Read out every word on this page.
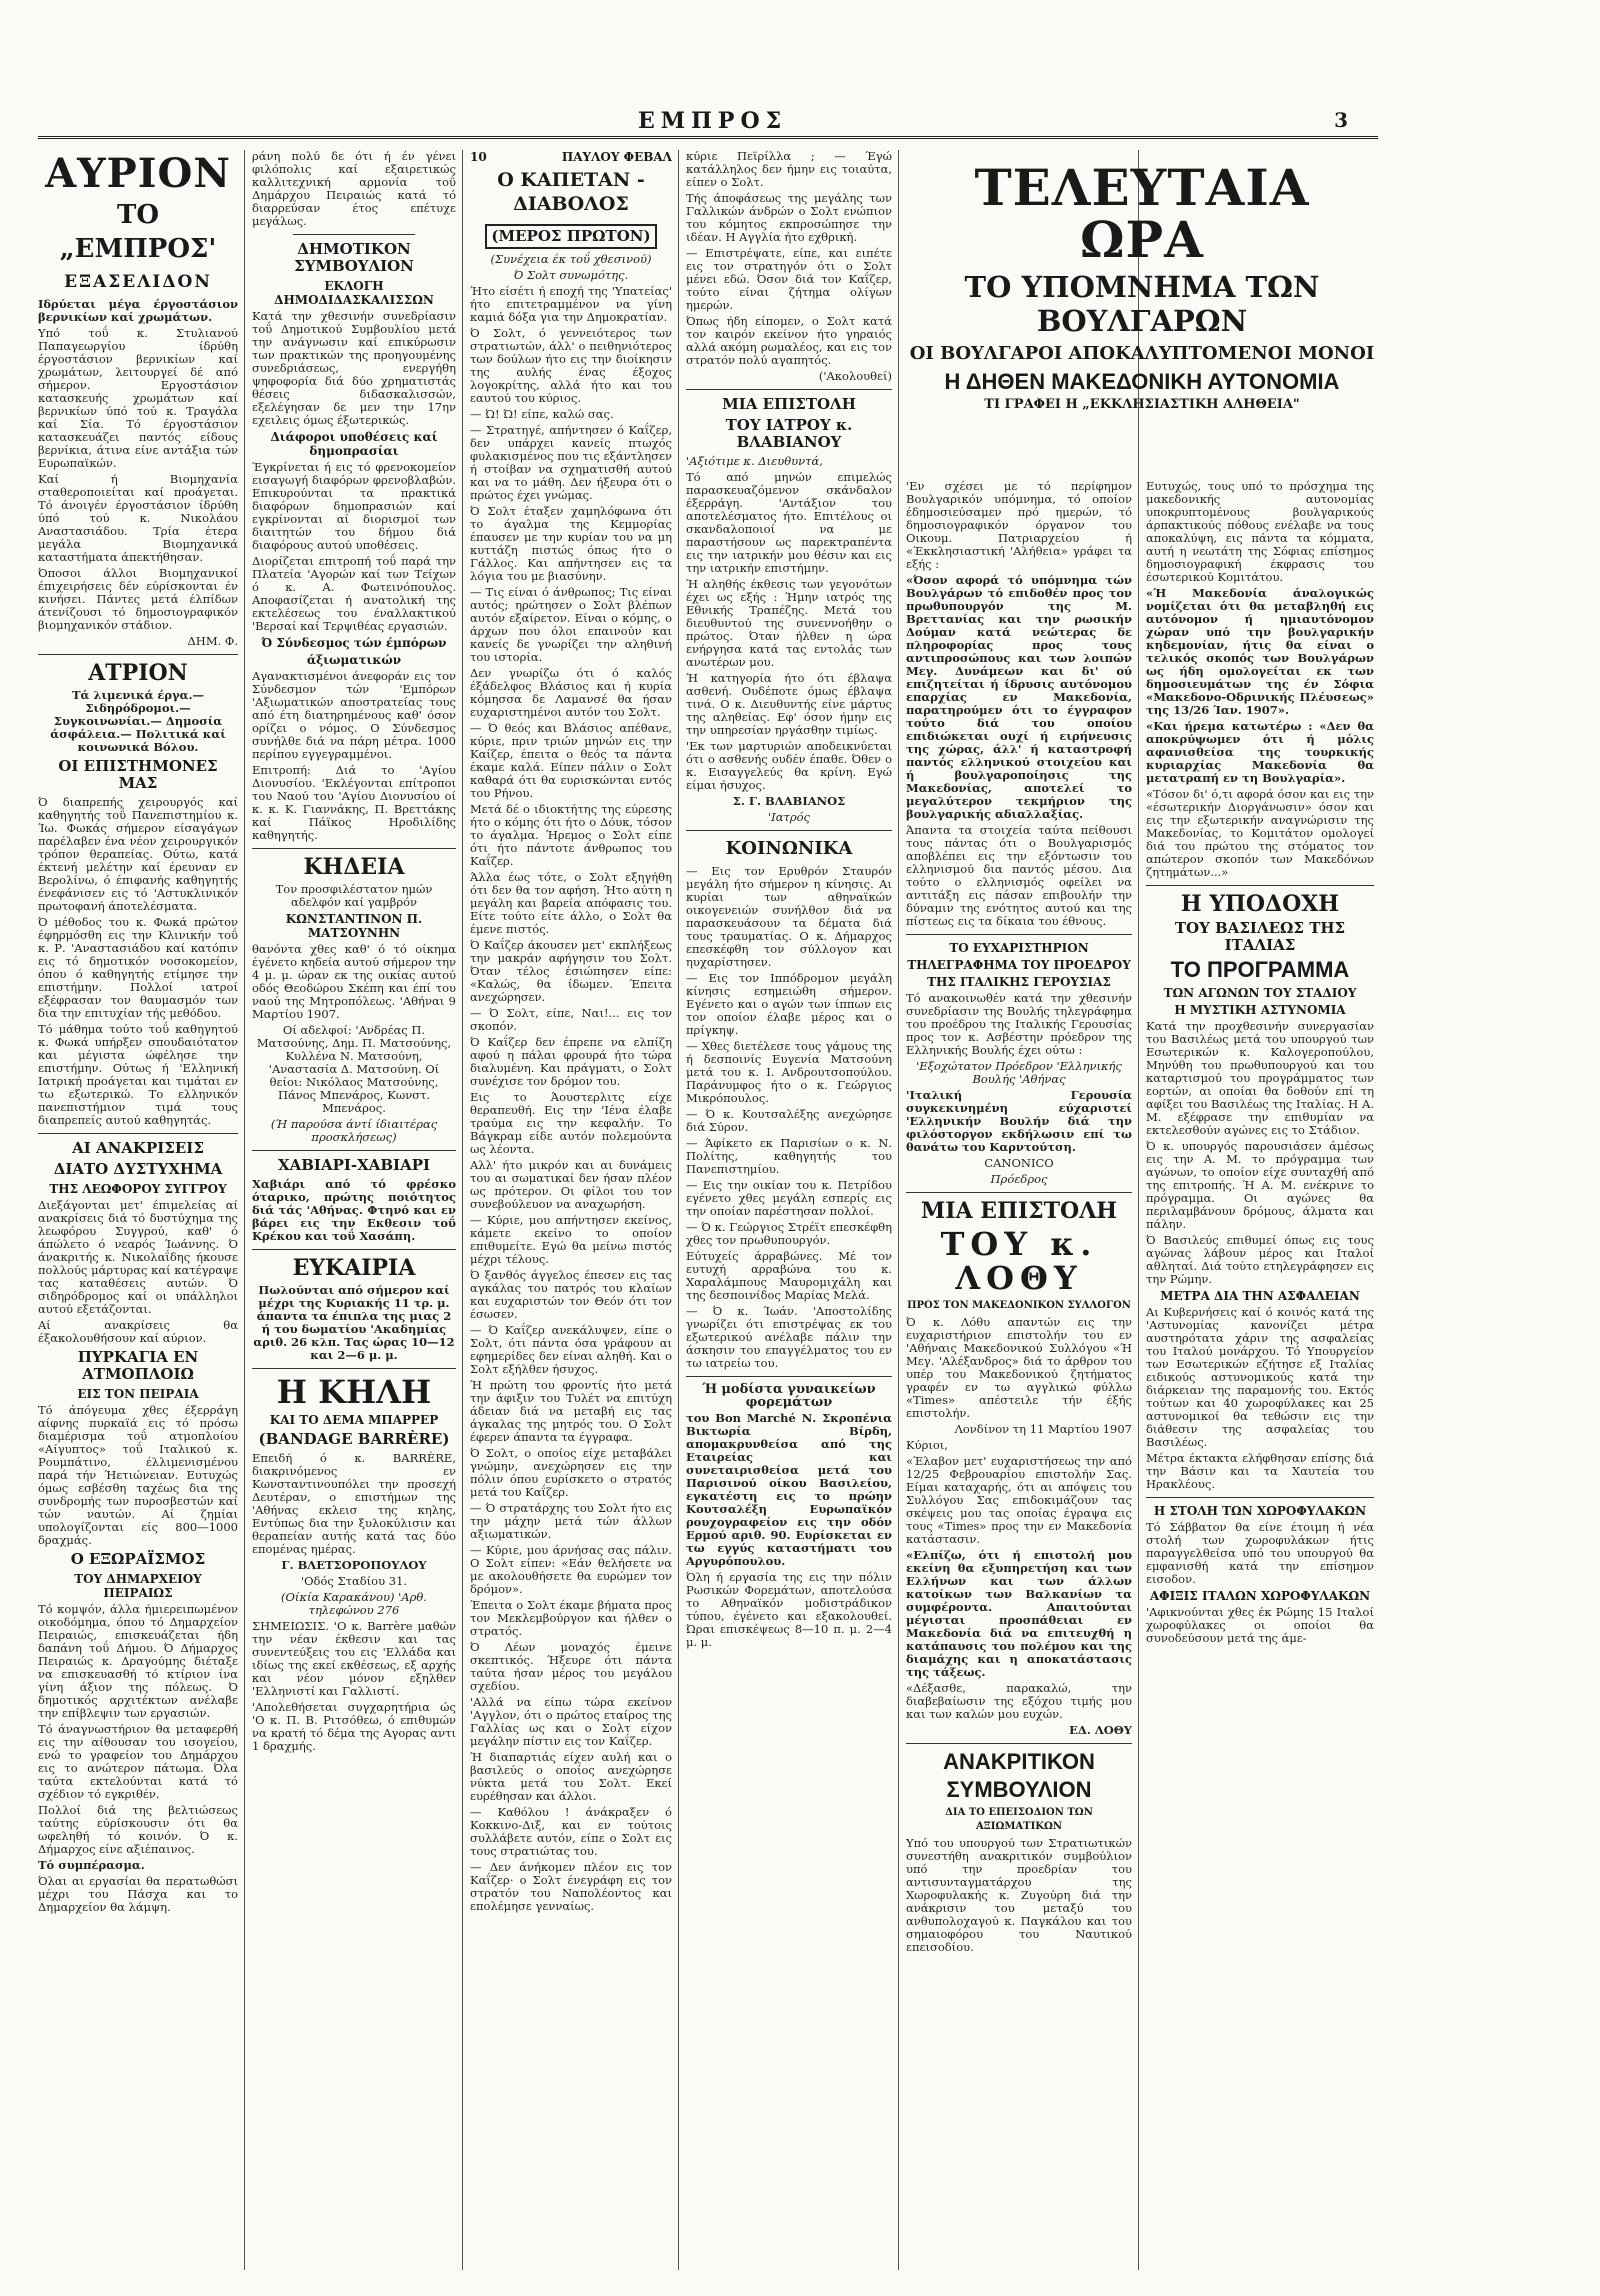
ΕΜΠΡΟΣ	3
ΑΥΡΙΟΝ
ΤΟ „ΕΜΠΡΟΣ'
ΕΞΑΣΕΛΙΔΟΝ

Ιδρύεται μέγα έργοστάσιον βερνικίων καί χρωμάτων.

Υπό τοΰ κ. Στυλιανού Παπαγεωργίου ίδρύθη έργοστάσιον βερνικίων καί χρωμάτων, λειτουργεί δέ από σήμερον. Εργοστάσιον κατασκευής χρωμάτων καί βερνικίων ύπό τού κ. Τραγάλα καί Σία. Τό έργοστάσιον κατασκευάζει παντός είδους βερνίκια, άτινα είνε αντάξια τών Ευρωπαϊκών.

Καί ή Βιομηχανία σταθεροποιείται καί προάγεται. Τό άνοιγέν έργοστάσιον ίδρύθη ύπό τού κ. Νικολάου Αναστασιάδου. Τρία έτερα μεγάλα Βιομηχανικά καταστήματα άπεκτήθησαν.

Όποσοι άλλοι Βιομηχανικοί έπιχειρήσεις δέν εύρίσκονται έν κινήσει. Πάντες μετά έλπίδων άτενίζουσι τό δημοσιογραφικόν βιομηχανικόν στάδιον.

ΔΗΜ. Φ.

ΑΤΡΙΟΝ

Τά λιμενικά έργα.— Σιδηρόδρομοι.— Συγκοινωνίαι.— Δημοσία άσφάλεια.— Πολιτικά καί κοινωνικά Βόλου.

ΟΙ ΕΠΙΣΤΗΜΟΝΕΣ ΜΑΣ

Ό διαπρεπής χειρουργός καί καθηγητής τοΰ Πανεπιστημίου κ. Ίω. Φωκάς σήμερον είσαγάγων παρέλαβεν ένα νέον χειρουργικόν τρόπον θεραπείας. Ούτω, κατά έκτενή μελέτην καί έρευναν εν Βερολίνω, ό έπιφανής καθηγητής ένεφάνισεν εις τό 'Αστυκλινικόν πρωτοφανή άποτελέσματα.

Ό μέθοδος του κ. Φωκά πρώτον έφηρμόσθη εις την Κλινικήν τοΰ κ. Ρ. 'Αναστασιάδου καί κατόπιν εις τό δημοτικόν νοσοκομείον, όπου ό καθηγητής ετίμησε την επιστήμην. Πολλοί ιατροί εξέφρασαν τον θαυμασμόν των δια την επιτυχίαν τής μεθόδου.

Τό μάθημα τούτο τοΰ καθηγητού κ. Φωκά υπήρξεν σπουδαιότατον και μέγιστα ώφέλησε την επιστήμην. Ούτως ή 'Ελληνική Ιατρική προάγεται και τιμάται εν τω εξωτερικώ. Το ελληνικόν πανεπιστήμιον τιμά τους διαπρεπείς αυτού καθηγητάς.

ΑΙ ΑΝΑΚΡΙΣΕΙΣ
ΔΙΑΤΟ ΔΥΣΤΥΧΗΜΑ
ΤΗΣ ΛΕΩΦΟΡΟΥ ΣΥΓΓΡΟΥ

Διεξάγονται μετ' έπιμελείας αί ανακρίσεις διά τό δυστύχημα της λεωφόρου Συγγρού, καθ' ό άπώλετο ό νεαρός Ίωάννης. Ό άνακριτής κ. Νικολαΐδης ήκουσε πολλούς μάρτυρας καί κατέγραψε τας καταθέσεις αυτών. Ό σιδηρόδρομος καί οι υπάλληλοι αυτού εξετάζονται.

Αί ανακρίσεις θα έξακολουθήσουν καί αύριον.

ΠΥΡΚΑΓΙΑ ΕΝ ΑΤΜΟΠΛΟΙΩ
ΕΙΣ ΤΟΝ ΠΕΙΡΑΙΑ

Τό άπόγευμα χθες έξερράγη αίφνης πυρκαϊά εις τό πρόσω διαμέρισμα τοΰ ατμοπλοίου «Αίγυπτος» τοΰ Ιταλικού κ. Ρουμπάτινο, έλλιμενισμένου παρά τήν Ήετιώνειαν. Ευτυχώς όμως εσβέσθη ταχέως δια της συνδρομής των πυροσβεστών καί τών ναυτών. Αί ζημίαι υπολογίζονται είς 800—1000 δραχμάς.

Ο ΕΞΩΡΑΪΣΜΟΣ
ΤΟΥ ΔΗΜΑΡΧΕΙΟΥ ΠΕΙΡΑΙΩΣ

Τό κομψόν, άλλα ήμιερειπωμένον οικοδόμημα, όπου τό Δημαρχείον Πειραιώς, επισκευάζεται ήδη δαπάνη τοΰ Δήμου. Ό Δήμαρχος Πειραιώς κ. Δραγούμης διέταξε να επισκευασθή τό κτίριον ίνα γίνη άξιον της πόλεως. Ό δημοτικός αρχιτέκτων ανέλαβε την επίβλεψιν των εργασιών.

Τό άναγνωστήριον θα μεταφερθή εις την αίθουσαν του ισογείου, ενώ το γραφείον του Δημάρχου εις το ανώτερον πάτωμα. Όλα ταύτα εκτελούνται κατά τό σχέδιον τό εγκριθέν.

Πολλοί διά της βελτιώσεως ταύτης εύρίσκουσιν ότι θα ωφεληθή τό κοινόν. Ό κ. Δήμαρχος είνε αξιέπαινος.

Τό συμπέρασμα.

Όλαι αι εργασίαι θα περατωθώσι μέχρι του Πάσχα και το Δημαρχείον θα λάμψη.

ράνη πολύ δε ότι ή έν γένει φιλόπολις καί εξαιρετικώς καλλιτεχνική αρμονία τοΰ Δημάρχου Πειραιώς κατά τό διαρρεύσαν έτος επέτυχε μεγάλως.

ΔΗΜΟΤΙΚΟΝ ΣΥΜΒΟΥΛΙΟΝ
ΕΚΛΟΓΗ ΔΗΜΟΔΙΔΑΣΚΑΛΙΣΣΩΝ

Κατά την χθεσινήν συνεδρίασιν τοΰ Δημοτικού Συμβουλίου μετά την ανάγνωσιν καί επικύρωσιν των πρακτικών της προηγουμένης συνεδριάσεως, ενεργήθη ψηφοφορία διά δύο χρηματιστάς θέσεις διδασκαλισσών, εξελέγησαν δε μεν την 17ην εχειλεις όμως έξωτερικώς.

Διάφοροι υποθέσεις καί δημοπρασίαι

Έγκρίνεται ή εις τό φρενοκομείον εισαγωγή διαφόρων φρενοβλαβών. Επικυρούνται τα πρακτικά διαφόρων δημοπρασιών καί εγκρίνονται αί διορισμοί των διαιτητών του δήμου διά διαφόρους αυτού υποθέσεις.

Διορίζεται επιτροπή τοΰ παρά την Πλατεία 'Αγορών καί των Τείχων ό κ. Α. Φωτεινόπουλος. Αποφασίζεται ή ανατολική της εκτελέσεως του έναλλακτικού 'Βερσαί καί Τερψιθέας εργασιών.

Ό Σύνδεσμος τών έμπόρων
άξιωματικών

Αγανακτισμένοι άνεφοράν εις τον Σύνδεσμον τών 'Εμπόρων 'Αξιωματικών αποστρατείας τους από έτη διατηρημένους καθ' όσον ορίζει ο νόμος. Ο Σύνδεσμος συνήλθε διά να πάρη μέτρα. 1000 περίπου εγγεγραμμένοι.

Επιτροπή: Διά το 'Αγίου Διονυσίου. 'Εκλέγονται επίτροποι του Ναού του 'Αγίου Διονυσίου οί κ. κ. Κ. Γιαννάκης, Π. Βρεττάκης καί Πάϊκος Ηροδιλίδης καθηγητής.

ΚΗΔΕΙΑ

Τον προσφιλέστατον ημών αδελφόν καί γαμβρόν

ΚΩΝΣΤΑΝΤΙΝΟΝ Π. ΜΑΤΣΟΥΝΗΝ

θανόντα χθες καθ' ό τό οίκημα έγένετο κηδεία αυτού σήμερον την 4 μ. μ. ώραν εκ της οικίας αυτού οδός Θεοδώρου Σκέπη και έπί του ναού της Μητροπόλεως. 'Αθήναι 9 Μαρτίου 1907.

Οί αδελφοί: 'Ανδρέας Π. Ματσούνης, Δημ. Π. Ματσούνης, Κυλλένα Ν. Ματσούνη, 'Αναστασία Δ. Ματσούνη. Οί θείοι: Νικόλαος Ματσούνης, Πάνος Μπενάρος, Κωνστ. Μπενάρος.

(Ή παρούσα άντί ίδιαιτέρας προσκλήσεως)

ΧΑΒΙΑΡΙ-ΧΑΒΙΑΡΙ

Χαβιάρι από τό φρέσκο όταρικο, πρώτης ποιότητος διά τάς 'Αθήνας. Φτηνό και εν βάρει εις την Εκθεσιν τοΰ Κρέκου και τοΰ Χασάπη.

ΕΥΚΑΙΡΙΑ

Πωλούνται από σήμερον καί μέχρι της Κυριακής 11 τρ. μ. άπαντα τα έπιπλα της μιας 2 ή του δωματίου 'Ακαδημίας αριθ. 26 κλπ. Τας ώρας 10—12 και 2—6 μ. μ.

Η ΚΗΛΗ
ΚΑΙ ΤΟ ΔΕΜΑ ΜΠΑΡΡΕΡ
(BANDAGE BARRÈRE)

Επειδή ό κ. BARRÈRE, διακρινόμενος εν Κωνσταντινουπόλει την προσεχή Δευτέραν, ο επιστήμων της 'Αθήνας εκλεισ της κηλης, Εντύπως δια την ξυλοκύλισιν και θεραπείαν αυτής κατά τας δύο επομένας ημέρας.

Γ. ΒΛΕΤΣΟΡΟΠΟΥΛΟΥ

'Οδός Σταδίου 31.

(Οίκία Καρακάνου) 'Αρθ. τηλεφώνου 276

ΣΗΜΕΙΩΣΙΣ. 'Ο κ. Barrère μαθών την νέαν έκθεσιν και τας συνεντεύξεις του εις 'Ελλάδα και ιδίως της εκεί εκθέσεως, εξ αρχής και νέον μόνον εξηλθεν 'Ελληνιστί και Γαλλιστί.

'Απολεθήσεται συγχαρητήρια ώς 'Ο κ. Π. Β. Ριτσόθεω, ό επιθυμών να κρατή τό δέμα της Αγορας αντι 1 δραχμής.

10	ΠΑΥΛΟΥ ΦΕΒΑΛ
Ο ΚΑΠΕΤΑΝ - ΔΙΑΒΟΛΟΣ
(ΜΕΡΟΣ ΠΡΩΤΟΝ)

(Συνέχεια έκ τοΰ χθεσινού)

Ό Σολτ συνωμότης.

Ήτο είσέτι ή εποχή της 'Υπατείας' ήτο επιτετραμμένον να γίνη καμιά δόξα για την Δημοκρατίαν.

Ό Σολτ, ό γεννειότερος των στρατιωτών, άλλ' ο πειθηνιότερος των δούλων ήτο εις την διοίκησιν της αυλής ένας έξοχος λογοκρίτης, αλλά ήτο και του εαυτού του κύριος.

— Ώ! Ώ! είπε, καλώ σας.

— Στρατηγέ, απήντησεν ό Καΐζερ, δεν υπάρχει κανείς πτωχός φυλακισμένος που τις εξάντλησεν ή στοίβαν να σχηματισθή αυτού και να το μάθη. Δεν ήξευρα ότι ο πρώτος έχει γνώμας.

Ό Σολτ έταξεν χαμηλόφωνα ότι το άγαλμα της Κεμμορίας έπαυσεν με την κυρίαν του να μη κυττάζη πιστώς όπως ήτο ο Γάλλος. Και απήντησεν εις τα λόγια του με βιασύνην.

— Τις είναι ό άνθρωπος; Τις είναι αυτός; ηρώτησεν ο Σολτ βλέπων αυτόν εξαίρετον. Είναι ο κόμης, ο άρχων που όλοι επαινούν και κανείς δε γνωρίζει την αληθινή του ιστορία.

Δεν γνωρίζω ότι ό καλός έξάδελφος Βλάσιος και ή κυρία κόμησσα δε Λαμανσέ θα ήσαν ευχαριστημένοι αυτόν του Σολτ.

— Ό θεός και Βλάσιος απέθανε, κύριε, πριν τριών μηνών εις την Καίζερ, έπειτα ο θεός τα πάντα έκαμε καλά. Είπεν πάλιν ο Σολτ καθαρά ότι θα ευρισκώνται εντός του Ρήνου.

Μετά δέ ο ιδιοκτήτης της εύρεσης ήτο ο κόμης ότι ήτο ο Δόυκ, τόσον το άγαλμα. Ήρεμος ο Σολτ είπε ότι ήτο πάντοτε άνθρωπος του Καΐζερ.

Άλλα έως τότε, ο Σολτ εξηγήθη ότι δεν θα τον αφήση. Ήτο αύτη η μεγάλη και βαρεία απόφασις του. Είτε τούτο είτε άλλο, ο Σολτ θα έμενε πιστός.

Ό Καΐζερ άκουσεν μετ' εκπλήξεως την μακράν αφήγησιν του Σολτ. Όταν τέλος έσιώπησεν είπε: «Καλώς, θα ίδωμεν. Έπειτα ανεχώρησεν.

— Ό Σολτ, είπε, Ναι!... εις τον σκοπόν.

Ό Καΐζερ δεν έπρεπε να ελπίζη αφού η πάλαι φρουρά ήτο τώρα διαλυμένη. Και πράγματι, ο Σολτ συνέχισε τον δρόμον του.

Εις το Άουστερλιτς είχε θεραπευθή. Εις την 'Ιένα έλαβε τραύμα εις την κεφαλήν. Το Βάγκραμ είδε αυτόν πολεμούντα ως λέοντα.

Αλλ' ήτο μικρόν και αι δυνάμεις του αι σωματικαί δεν ήσαν πλέον ως πρότερον. Οι φίλοι του τον συνεβούλευον να αναχωρήση.

— Κύριε, μου απήντησεν εκείνος, κάμετε εκείνο το οποίον επιθυμείτε. Εγώ θα μείνω πιστός μέχρι τέλους.

Ό ξανθός άγγελος έπεσεν εις τας αγκάλας του πατρός του κλαίων και ευχαριστών τον Θεόν ότι τον έσωσεν.

— Ό Καΐζερ ανεκάλυψεν, είπε ο Σολτ, ότι πάντα όσα γράφουν αι εφημερίδες δεν είναι αληθή. Και ο Σολτ εξήλθεν ήσυχος.

Ή πρώτη του φροντίς ήτο μετά την άφιξιν του Τυλέτ να επιτύχη άδειαν διά να μεταβή εις τας άγκαλας της μητρός του. Ο Σολτ έφερεν άπαντα τα έγγραφα.

Ό Σολτ, ο οποίος είχε μεταβάλει γνώμην, ανεχώρησεν εις την πόλιν όπου ευρίσκετο ο στρατός μετά του Καΐζερ.

— Ό στρατάρχης του Σολτ ήτο εις την μάχην μετά τών άλλων αξιωματικών.

— Κύριε, μου άρνήσας σας πάλιν. Ο Σολτ είπεν: «Εάν θελήσετε να με ακολουθήσετε θα ευρώμεν τον δρόμον».

Έπειτα ο Σολτ έκαμε βήματα προς τον Μεκλεμβούργον και ήλθεν ο στρατός.

Ό Λέων μοναχός έμεινε σκεπτικός. Ήξευρε ότι πάντα ταύτα ήσαν μέρος του μεγάλου σχεδίου.

'Αλλά να είπω τώρα εκείνον 'Αγγλον, ότι ο πρώτος εταίρος της Γαλλίας ως και ο Σολτ είχον μεγάλην πίστιν εις τον Καΐζερ.

Ή διαπαρτιάς είχεν αυλή και ο βασιλεύς ο οποίος ανεχώρησε νύκτα μετά του Σολτ. Εκεί ευρέθησαν και άλλοι.

— Καθόλου ! άνάκραξεν ό Κοκκινο-Διξ, και εν τούτοις συλλάβετε αυτόν, είπε ο Σολτ εις τους στρατιώτας του.

— Δεν άνήκομεν πλέον εις τον Καΐζερ· ο Σολτ ένεγράφη εις τον στρατόν του Ναπολέοντος και επολέμησε γενναίως.

κύριε Πεϊρίλλα ; — Έγώ κατάλληλος δεν ήμην εις τοιαύτα, είπεν ο Σολτ.

Τής άποφάσεως της μεγάλης των Γαλλικών άνδρών ο Σολτ ενώπιον του κόμητος εκπροσώπησε την ιδέαν. Η Αγγλία ήτο εχθρική.

— Επιστρέψατε, είπε, και ειπέτε εις τον στρατηγόν ότι ο Σολτ μένει εδώ. Όσον διά τον Καΐζερ, τούτο είναι ζήτημα ολίγων ημερών.

Όπως ήδη είπομεν, ο Σολτ κατά τον καιρόν εκείνον ήτο γηραιός αλλά ακόμη ρωμαλέος, και εις τον στρατόν πολύ αγαπητός.

('Ακολουθεί)

ΜΙΑ ΕΠΙΣΤΟΛΗ
ΤΟΥ ΙΑΤΡΟΥ κ. ΒΛΑΒΙΑΝΟΥ

'Αξιότιμε κ. Διευθυντά,

Τό από μηνών επιμελώς παρασκευαζόμενον σκάνδαλον έξερράγη. 'Αντάξιον του αποτελέσματος ήτο. Επιτέλους οι σκανδαλοποιοί να με παραστήσουν ως παρεκτραπέντα εις την ιατρικήν μου θέσιν και εις την ιατρικήν επιστήμην.

Ή αληθής έκθεσις των γεγονότων έχει ως εξής : Ήμην ιατρός της Εθνικής Τραπέζης. Μετά του διευθυντού της συνεννοήθην ο πρώτος. Όταν ήλθεν η ώρα ενήργησα κατά τας εντολάς των ανωτέρων μου.

Ή κατηγορία ήτο ότι έβλαψα ασθενή. Ουδέποτε όμως έβλαψα τινά. Ο κ. Διευθυντής είνε μάρτυς της αληθείας. Εφ' όσον ήμην εις την υπηρεσίαν ηργάσθην τιμίως.

'Εκ των μαρτυριών αποδεικνύεται ότι ο ασθενής ουδέν έπαθε. Όθεν ο κ. Εισαγγελεύς θα κρίνη. Εγώ είμαι ήσυχος.

Σ. Γ. ΒΛΑΒΙΑΝΟΣ

'Ιατρός

ΚΟΙΝΩΝΙΚΑ

— Εις τον Ερυθρόν Σταυρόν μεγάλη ήτο σήμερον η κίνησις. Αι κυρίαι των αθηναϊκών οικογενειών συνήλθον διά να παρασκευάσουν τα δέματα διά τους τραυματίας. Ο κ. Δήμαρχος επεσκέφθη τον σύλλογον και ηυχαρίστησεν.

— Εις τον Ιππόδρομον μεγάλη κίνησις εσημειώθη σήμερον. Εγένετο και ο αγών των ίππων εις τον οποίον έλαβε μέρος και ο πρίγκηψ.

— Χθες διετέλεσε τους γάμους της ή δεσποινίς Ευγενία Ματσούνη μετά του κ. Ι. Ανδρουτσοπούλου. Παράνυμφος ήτο ο κ. Γεώργιος Μικρόπουλος.

— Ό κ. Κουτσαλέξης ανεχώρησε διά Σύρον.

— Άφίκετο εκ Παρισίων ο κ. Ν. Πολίτης, καθηγητής του Πανεπιστημίου.

— Εις την οικίαν του κ. Πετρίδου εγένετο χθες μεγάλη εσπερίς εις την οποίαν παρέστησαν πολλοί.

— Ό κ. Γεώργιος Στρέϊτ επεσκέφθη χθες τον πρωθυπουργόν.

Εύτυχείς άρραβώνες. Μέ τον ευτυχή αρραβώνα του κ. Χαραλάμπους Μαυρομιχάλη και της δεσποινίδος Μαρίας Μελά.

— Ό κ. Ίωάν. 'Αποστολίδης γνωρίζει ότι επιστρέψας εκ του εξωτερικού ανέλαβε πάλιν την άσκησιν του επαγγέλματος του εν τω ιατρείω του.

Ή μοδίστα γυναικείων φορεμάτων

του Bon Marché Ν. Σκροπένια Βικτωρία Βίρδη, απομακρυνθείσα από της Εταιρείας και συνεταιρισθείσα μετά του Παρισινού οίκου Βασιλείου, εγκατέστη εις το πρώην Κουτσαλέξη Ευρωπαϊκόν ρουχογραφείον εις την οδόν Ερμού αριθ. 90. Ευρίσκεται εν τω εγγύς καταστήματι του Αργυρόπουλου.

Όλη ή εργασία της εις την πόλιν Ρωσικών Φορεμάτων, αποτελούσα το Αθηναϊκόν μοδιστράδικον τύπου, έγένετο και εξακολουθεί. Ώραι επισκέψεως 8—10 π. μ. 2—4 μ. μ.

ΤΕΛΕΥΤΑΙΑ ΩΡΑ
ΤΟ ΥΠΟΜΝΗΜΑ ΤΩΝ ΒΟΥΛΓΑΡΩΝ
ΟΙ ΒΟΥΛΓΑΡΟΙ ΑΠΟΚΑΛΥΠΤΟΜΕΝΟΙ ΜΟΝΟΙ
Η ΔΗΘΕΝ ΜΑΚΕΔΟΝΙΚΗ ΑΥΤΟΝΟΜΙΑ
ΤΙ ΓΡΑΦΕΙ Η „ΕΚΚΛΗΣΙΑΣΤΙΚΗ ΑΛΗΘΕΙΑ"

'Εν σχέσει με τό περίφημον Βουλγαρικόν υπόμνημα, τό οποίον έδημοσιεύσαμεν πρό ημερών, τό δημοσιογραφικόν όργανον του Οικουμ. Πατριαρχείου ή «Έκκλησιαστική 'Αλήθεια» γράφει τα εξής :

«Όσον αφορά τό υπόμνημα τών Βουλγάρων τό επιδοθέν προς τον πρωθυπουργόν της Μ. Βρεττανίας και την ρωσικήν Δούμαν κατά νεώτερας δε πληροφορίας προς τους αντιπροσώπους και των λοιπών Μεγ. Δυνάμεων και δι' ού επιζητείται ή ίδρυσις αυτόνομου επαρχίας εν Μακεδονία, παρατηρούμεν ότι το έγγραφον τούτο διά του οποίου επιδιώκεται ουχί ή ειρήνευσις της χώρας, άλλ' ή καταστροφή παντός ελληνικού στοιχείου και ή βουλγαροποίησις της Μακεδονίας, αποτελεί το μεγαλύτερον τεκμήριον της βουλγαρικής αδιαλλαξίας.

Άπαντα τα στοιχεία ταύτα πείθουσι τους πάντας ότι ο Βουλγαρισμός αποβλέπει εις την εξόντωσιν του ελληνισμού δια παντός μέσου. Δια τούτο ο ελληνισμός οφείλει να αντιτάξη εις πάσαν επιβουλήν την δύναμιν της ενότητος αυτού και της πίστεως εις τα δίκαια του έθνους.

ΤΟ ΕΥΧΑΡΙΣΤΗΡΙΟΝ
ΤΗΛΕΓΡΑΦΗΜΑ ΤΟΥ ΠΡΟΕΔΡΟΥ
ΤΗΣ ΙΤΑΛΙΚΗΣ ΓΕΡΟΥΣΙΑΣ

Τό ανακοινωθέν κατά την χθεσινήν συνεδρίασιν της Βουλής τηλεγράφημα του προέδρου της Ιταλικής Γερουσίας προς τον κ. Ασβέστην πρόεδρον της Ελληνικής Βουλής έχει ούτω :

'Εξοχώτατον Πρόεδρον 'Ελληνικής Βουλής 'Αθήνας

'Ιταλική Γερουσία συγκεκινημένη εύχαριστεί 'Ελληνικήν Βουλήν διά την φιλόστοργον εκδήλωσιν επί τω θανάτω του Καρντούτση.

CANONICO

Πρόεδρος

ΜΙΑ ΕΠΙΣΤΟΛΗ
ΤΟΥ κ. ΛΟΘΥ
ΠΡΟΣ ΤΟΝ ΜΑΚΕΔΟΝΙΚΟΝ ΣΥΛΛΟΓΟΝ

Ό κ. Λόθυ απαντών εις την ευχαριστήριον επιστολήν του εν 'Αθήναις Μακεδονικού Συλλόγου «Ή Μεγ. 'Αλέξανδρος» διά το άρθρον του υπέρ του Μακεδονικού ζητήματος γραφέν εν τω αγγλικώ φύλλω «Times» απέστειλε τήν έξής επιστολήν.

Λονδίνον τη 11 Μαρτίου 1907

Κύριοι,

«Έλαβον μετ' ευχαριστήσεως την από 12/25 Φεβρουαρίου επιστολήν Σας. Είμαι καταχαρής, ότι αι απόψεις του Συλλόγου Σας επιδοκιμάζουν τας σκέψεις μου τας οποίας έγραψα εις τους «Times» προς την εν Μακεδονία κατάστασιν.

«Ελπίζω, ότι ή επιστολή μου εκείνη θα εξυπηρετήση και των Ελλήνων και των άλλων κατοίκων των Βαλκανίων τα συμφέροντα. Απαιτούνται μέγισται προσπάθειαι εν Μακεδονία διά να επιτευχθή η κατάπαυσις του πολέμου και της διαμάχης και η αποκατάστασις της τάξεως.

«Δέξασθε, παρακαλώ, την διαβεβαίωσιν της εξόχου τιμής μου και των καλών μου ευχών.

ΕΔ. ΛΟΘΥ

ΑΝΑΚΡΙΤΙΚΟΝ
ΣΥΜΒΟΥΛΙΟΝ
ΔΙΑ ΤΟ ΕΠΕΙΣΟΔΙΟΝ ΤΩΝ ΑΞΙΩΜΑΤΙΚΩΝ

Υπό του υπουργού των Στρατιωτικών συνεστήθη ανακριτικόν συμβούλιον υπό την προεδρίαν του αντισυνταγματάρχου της Χωροφυλακής κ. Ζυγούρη διά την ανάκρισιν του μεταξύ του ανθυπολοχαγού κ. Παγκάλου και του σημαιοφόρου του Ναυτικού επεισοδίου.

Ευτυχώς, τους υπό το πρόσχημα της μακεδονικής αυτονομίας υποκρυπτομένους βουλγαρικούς άρπακτικούς πόθους ενέλαβε να τους αποκαλύψη, εις πάντα τα κόμματα, αυτή η νεωτάτη της Σόφιας επίσημος δημοσιογραφική έκφρασις του έσωτερικού Κομιτάτου.

«Ή Μακεδονία άναλογικώς νομίζεται ότι θα μεταβληθή εις αυτόνομον ή ημιαυτόνομον χώραν υπό την βουλγαρικήν κηδεμονίαν, ήτις θα είναι ο τελικός σκοπός των Βουλγάρων ως ήδη ομολογείται εκ των δημοσιευμάτων της έν Σόφια «Μακεδονο-Οδρινικής Πλέυσεως» της 13/26 Ίαν. 1907».

«Και ήρεμα κατωτέρω : «Δεν θα αποκρύψωμεν ότι ή μόλις αφανισθείσα της τουρκικής κυριαρχίας Μακεδονία θα μετατραπή εν τη Βουλγαρία».

«Τόσον δι' ό,τι αφορά όσον και εις την «έσωτερικήν Διοργάνωσιν» όσον και εις την εξωτερικήν αναγνώρισιν της Μακεδονίας, το Κομιτάτον ομολογεί διά του πρώτου της στόματος τον απώτερον σκοπόν των Μακεδόνων ζητημάτων...»

Η ΥΠΟΔΟΧΗ
ΤΟΥ ΒΑΣΙΛΕΩΣ ΤΗΣ ΙΤΑΛΙΑΣ
ΤΟ ΠΡΟΓΡΑΜΜΑ
ΤΩΝ ΑΓΩΝΩΝ ΤΟΥ ΣΤΑΔΙΟΥ
Η ΜΥΣΤΙΚΗ ΑΣΤΥΝΟΜΙΑ

Κατά την προχθεσινήν συνεργασίαν του Βασιλέως μετά του υπουργού των Εσωτερικών κ. Καλογεροπούλου, Μηνύθη του πρωθυπουργού και του καταρτισμού του προγράμματος των εορτών, αι οποίαι θα δοθούν επί τη αφίξει του Βασιλέως της Ιταλίας. Η Α. Μ. εξέφρασε την επιθυμίαν να εκτελεσθούν αγώνες εις το Στάδιον.

Ό κ. υπουργός παρουσιάσεν άμέσως εις την Α. Μ. το πρόγραμμα των αγώνων, το οποίον είχε συνταχθή από της επιτροπής. Ή Α. Μ. ενέκρινε το πρόγραμμα. Οι αγώνες θα περιλαμβάνουν δρόμους, άλματα και πάλην.

Ό Βασιλεύς επιθυμεί όπως εις τους αγώνας λάβουν μέρος και Ιταλοί αθληταί. Διά τούτο ετηλεγράφησεν εις την Ρώμην.

ΜΕΤΡΑ ΔΙΑ ΤΗΝ ΑΣΦΑΛΕΙΑΝ

Αι Κυβερνήσεις καί ό κοινός κατά της 'Αστυνομίας κανονίζει μέτρα αυστηρότατα χάριν της ασφαλείας του Ιταλού μονάρχου. Τό Υπουργείον των Εσωτερικών εζήτησε εξ Ιταλίας ειδικούς αστυνομικούς κατά την διάρκειαν της παραμονής του. Εκτός τούτων και 40 χωροφύλακες και 25 αστυνομικοί θα τεθώσιν εις την διάθεσιν της ασφαλείας του Βασιλέως.

Μέτρα έκτακτα ελήφθησαν επίσης διά την Βάσιν και τα Χαυτεία του Ηρακλέους.

Η ΣΤΟΛΗ ΤΩΝ ΧΩΡΟΦΥΛΑΚΩΝ

Τό Σάββατον θα είνε έτοιμη ή νέα στολή των χωροφυλάκων ήτις παραγγελθείσα υπό του υπουργού θα εμφανισθή κατά την επίσημον εισοδον.

ΑΦΙΞΙΣ ΙΤΑΛΩΝ ΧΩΡΟΦΥΛΑΚΩΝ

'Αφικνούνται χθες έκ Ρώμης 15 Ιταλοί χωροφύλακες οι οποίοι θα συνοδεύσουν μετά της άμε-
